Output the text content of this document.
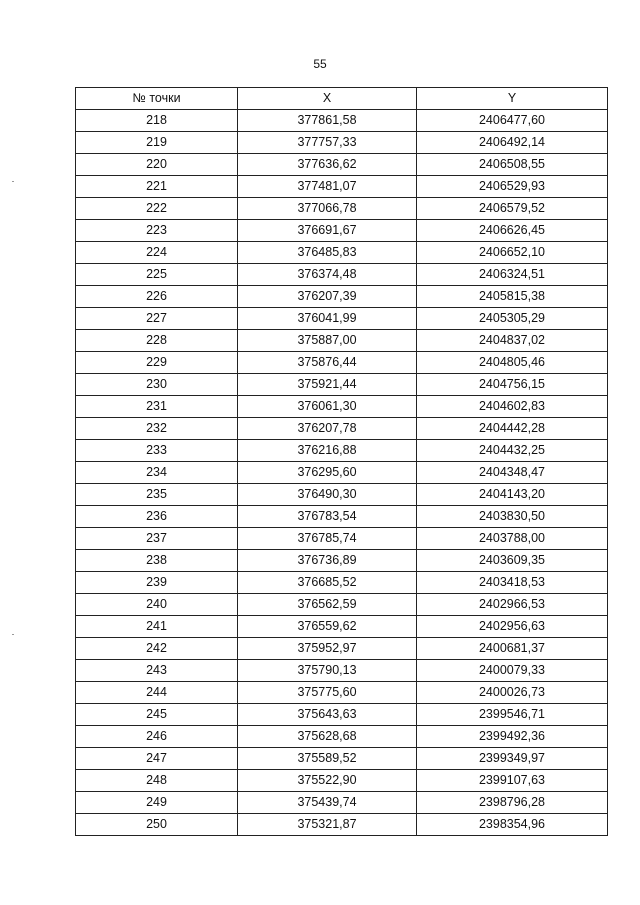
55
№ точки	X	Y
218	377861,58	2406477,60
219	377757,33	2406492,14
220	377636,62	2406508,55
221	377481,07	2406529,93
222	377066,78	2406579,52
223	376691,67	2406626,45
224	376485,83	2406652,10
225	376374,48	2406324,51
226	376207,39	2405815,38
227	376041,99	2405305,29
228	375887,00	2404837,02
229	375876,44	2404805,46
230	375921,44	2404756,15
231	376061,30	2404602,83
232	376207,78	2404442,28
233	376216,88	2404432,25
234	376295,60	2404348,47
235	376490,30	2404143,20
236	376783,54	2403830,50
237	376785,74	2403788,00
238	376736,89	2403609,35
239	376685,52	2403418,53
240	376562,59	2402966,53
241	376559,62	2402956,63
242	375952,97	2400681,37
243	375790,13	2400079,33
244	375775,60	2400026,73
245	375643,63	2399546,71
246	375628,68	2399492,36
247	375589,52	2399349,97
248	375522,90	2399107,63
249	375439,74	2398796,28
250	375321,87	2398354,96
